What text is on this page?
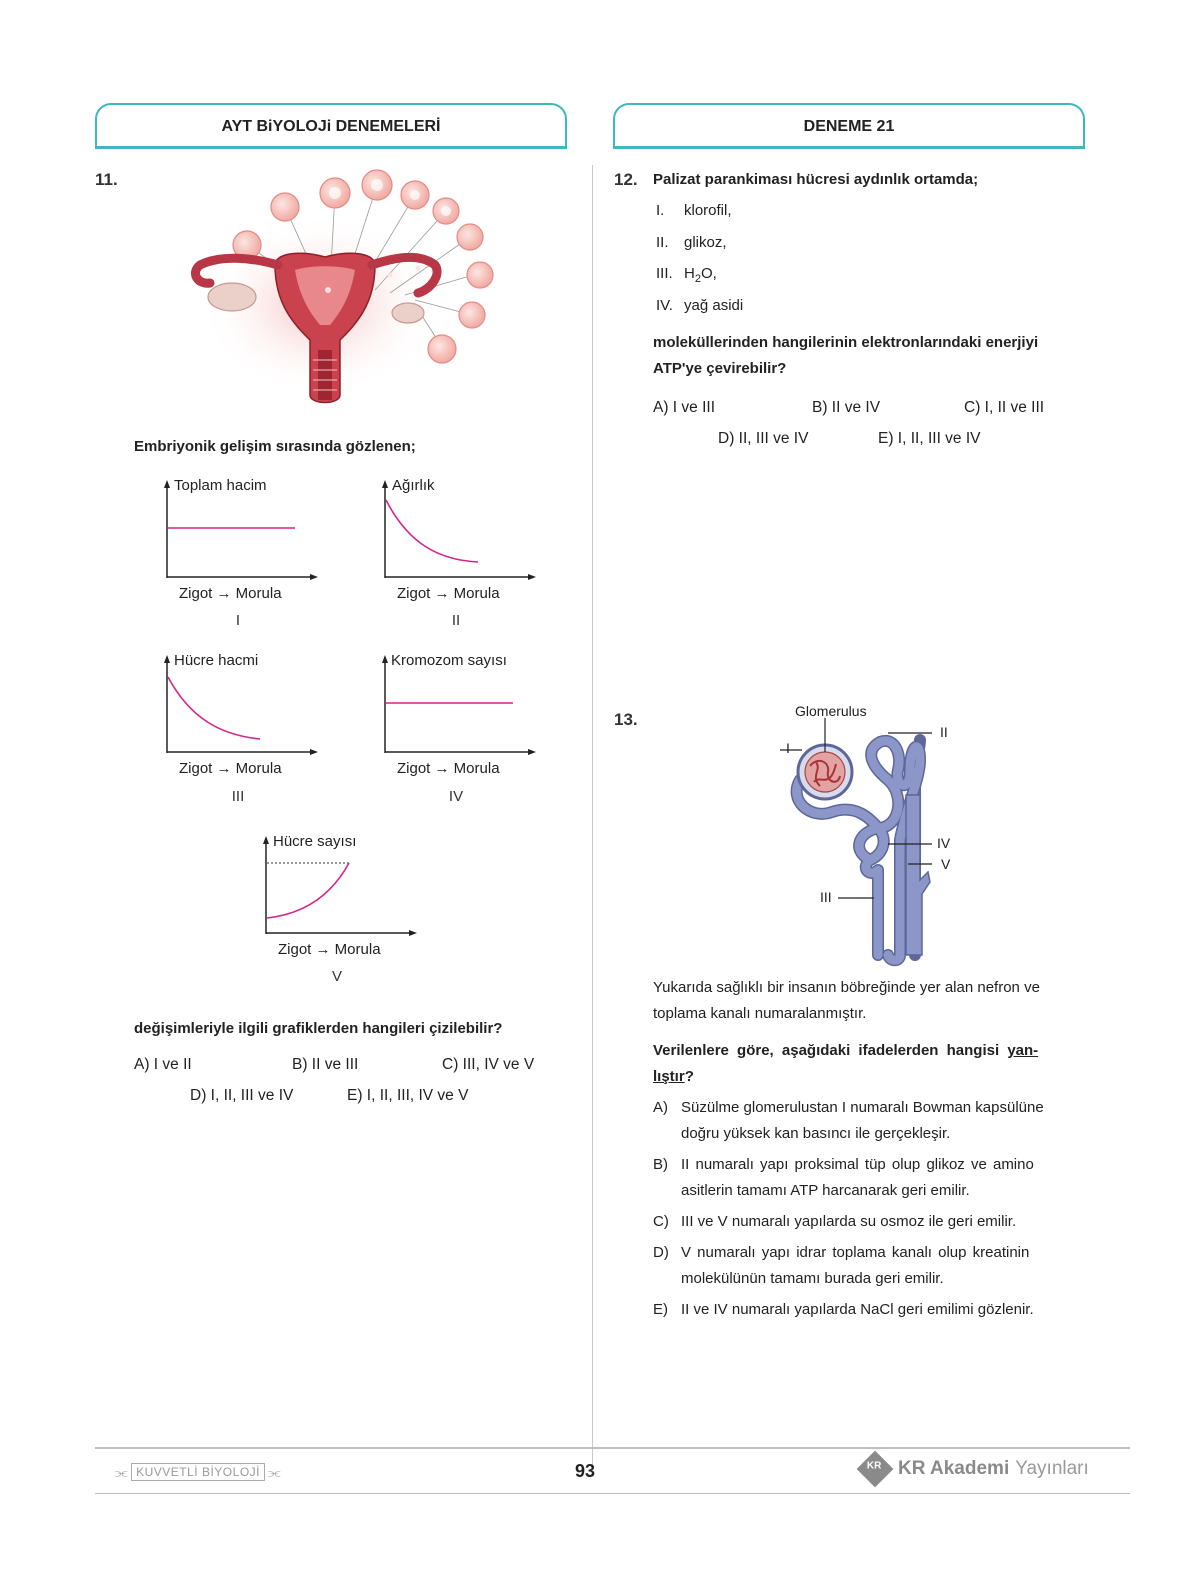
AYT BiYOLOJi DENEMELERİ	DENEME 21
11.
Embriyonik gelişim sırasında gözlenen;
Toplam hacim
Zigot → Morula
I
Ağırlık
Zigot → Morula
II
Hücre hacmi
Zigot → Morula
III
Kromozom sayısı
Zigot → Morula
IV
Hücre sayısı
Zigot → Morula
V
değişimleriyle ilgili grafiklerden hangileri çizilebilir?
A) I ve II	B) II ve III	C) III, IV ve V
D) I, II, III ve IV	E) I, II, III, IV ve V
12. Palizat parankiması hücresi aydınlık ortamda;
I. klorofil,
II. glikoz,
III. $H_2O$,
IV. yağ asidi
moleküllerinden hangilerinin elektronlarındaki enerjiyi
ATP'ye çevirebilir?
A) I ve III	B) II ve IV	C) I, II ve III
D) II, III ve IV	E) I, II, III ve IV
13.	Glomerulus
I
II
IV
V
III
Yukarıda sağlıklı bir insanın böbreğinde yer alan nefron ve
toplama kanalı numaralanmıştır.
Verilenlere göre, aşağıdaki ifadelerden hangisi yan-
lıştır?
A) Süzülme glomerulustan I numaralı Bowman kapsülüne
doğru yüksek kan basıncı ile gerçekleşir.
B) II numaralı yapı proksimal tüp olup glikoz ve amino
asitlerin tamamı ATP harcanarak geri emilir.
C) III ve V numaralı yapılarda su osmoz ile geri emilir.
D) V numaralı yapı idrar toplama kanalı olup kreatinin
molekülünün tamamı burada geri emilir.
E) II ve IV numaralı yapılarda NaCl geri emilimi gözlenir.
⫘ KUVVETLİ BİYOLOJİ ⫘	93	KR KR Akademi Yayınları
